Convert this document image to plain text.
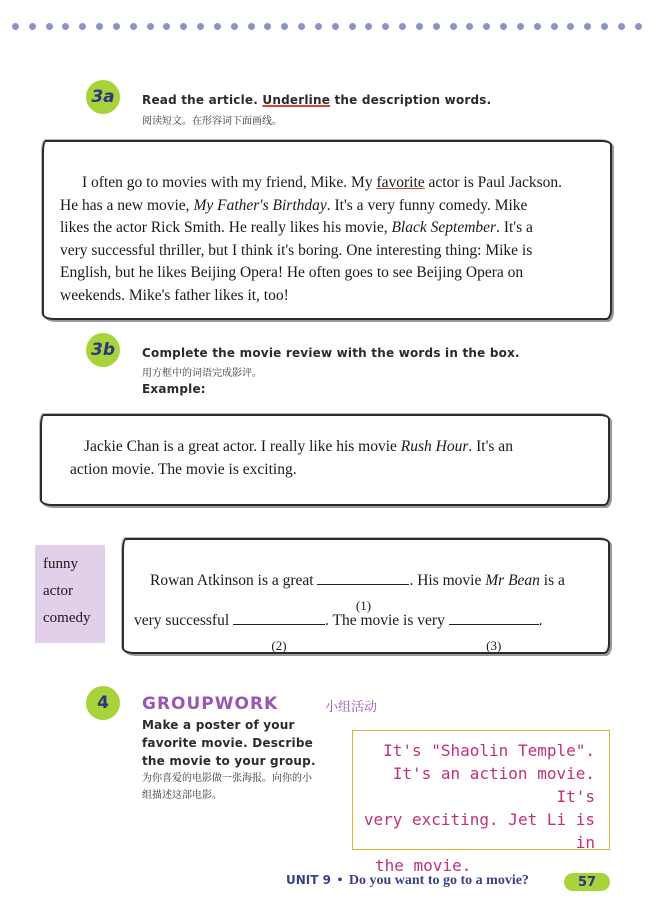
3a	Read the article. Underline the description words.
阅读短文。在形容词下面画线。
I often go to movies with my friend, Mike. My favorite actor is Paul Jackson.
He has a new movie, My Father's Birthday. It's a very funny comedy. Mike
likes the actor Rick Smith. He really likes his movie, Black September. It's a
very successful thriller, but I think it's boring. One interesting thing: Mike is
English, but he likes Beijing Opera! He often goes to see Beijing Opera on
weekends. Mike's father likes it, too!
3b	Complete the movie review with the words in the box.
用方框中的词语完成影评。
Example:
Jackie Chan is a great actor. I really like his movie Rush Hour. It's an
action movie. The movie is exciting.
funny
actor
comedy
Rowan Atkinson is a great
(1)
. His movie Mr Bean is a
very successful
(2)
. The movie is very
(3)
.
4	GROUPWORK	小组活动
Make a poster of your
favorite movie. Describe
the movie to your group.
为你喜爱的电影做一张海报。向你的小
组描述这部电影。
It's "Shaolin Temple".
It's an action movie. It's
very exciting. Jet Li is in
the movie.
UNIT 9 • Do you want to go to a movie?	57
